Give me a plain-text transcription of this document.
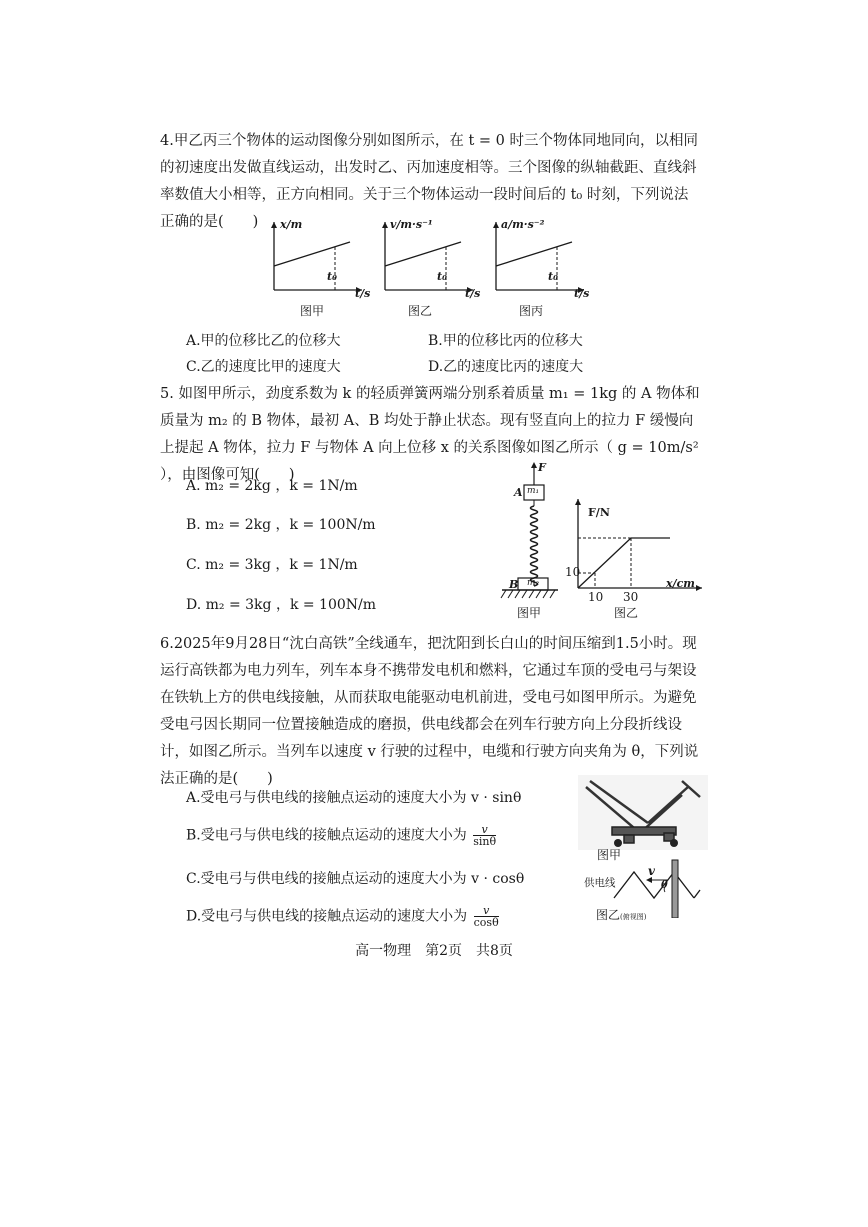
4.甲乙丙三个物体的运动图像分别如图所示，在 t = 0 时三个物体同地同向，以相同的初速度出发做直线运动，出发时乙、丙加速度相等。三个图像的纵轴截距、直线斜率数值大小相等，正方向相同。关于三个物体运动一段时间后的 t₀ 时刻，下列说法正确的是(　　)	x/m
t₀
t/s
图甲
v/m·s⁻¹
t₀
t/s
图乙
a/m·s⁻²
t₀
t/s
图丙
A.甲的位移比乙的位移大	B.甲的位移比丙的位移大
C.乙的速度比甲的速度大	D.乙的速度比丙的速度大

5. 如图甲所示，劲度系数为 k 的轻质弹簧两端分别系着质量 m₁ = 1kg 的 A 物体和质量为 m₂ 的 B 物体，最初 A、B 均处于静止状态。现有竖直向上的拉力 F 缓慢向上提起 A 物体，拉力 F 与物体 A 向上位移 x 的关系图像如图乙所示（ g = 10m/s² ），由图像可知(　　)

A. m₂ = 2kg ，k = 1N/m
B. m₂ = 2kg ，k = 100N/m
C. m₂ = 3kg ，k = 1N/m
D. m₂ = 3kg ，k = 100N/m
F
A m₁
B m₂
图甲
F/N
10
x/cm
10 30
图乙

6.2025年9月28日“沈白高铁”全线通车，把沈阳到长白山的时间压缩到1.5小时。现运行高铁都为电力列车，列车本身不携带发电机和燃料，它通过车顶的受电弓与架设在铁轨上方的供电线接触，从而获取电能驱动电机前进，受电弓如图甲所示。为避免受电弓因长期同一位置接触造成的磨损，供电线都会在列车行驶方向上分段折线设计，如图乙所示。当列车以速度 v 行驶的过程中，电缆和行驶方向夹角为 θ，下列说法正确的是(　　)

A.受电弓与供电线的接触点运动的速度大小为 v · sinθ
B.受电弓与供电线的接触点运动的速度大小为 $\frac{v}{\sin\theta}$
C.受电弓与供电线的接触点运动的速度大小为 v · cosθ
D.受电弓与供电线的接触点运动的速度大小为 $\frac{v}{\cos\theta}$
图甲
供电线
v
θ
图乙(俯视图)
高一物理　第2页　共8页
